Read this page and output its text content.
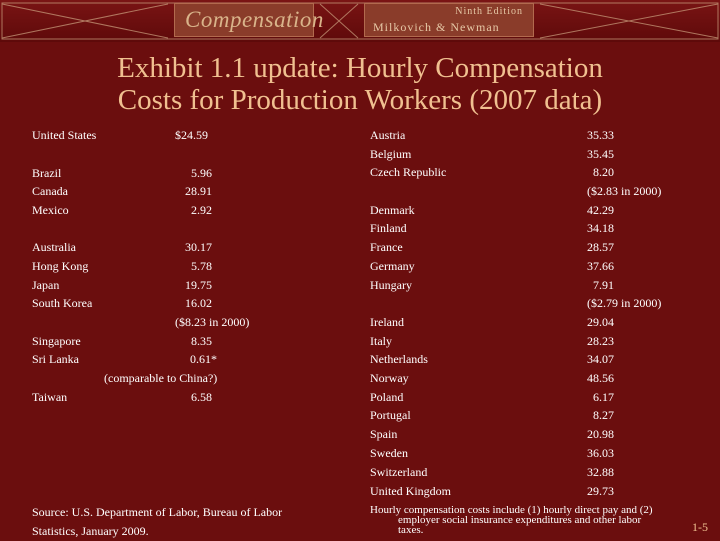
Compensation	Ninth Edition
Milkovich & Newman
Exhibit 1.1 update: Hourly Compensation
Costs for Production Workers (2007 data)
United States	$24.59
Brazil	5.96
Canada	28.91
Mexico	2.92
Australia	30.17
Hong Kong	5.78
Japan	19.75
South Korea	16.02
($8.23 in 2000)
Singapore	8.35
Sri Lanka	0.61*
(comparable to China?)
Taiwan	6.58
Austria	35.33
Belgium	35.45
Czech Republic	8.20
($2.83 in 2000)
Denmark	42.29
Finland	34.18
France	28.57
Germany	37.66
Hungary	7.91
($2.79 in 2000)
Ireland	29.04
Italy	28.23
Netherlands	34.07
Norway	48.56
Poland	6.17
Portugal	8.27
Spain	20.98
Sweden	36.03
Switzerland	32.88
United Kingdom	29.73
Source: U.S. Department of Labor, Bureau of Labor
Statistics, January 2009.
Hourly compensation costs include (1) hourly direct pay and (2)
employer social insurance expenditures and other labor
taxes.	1-5
